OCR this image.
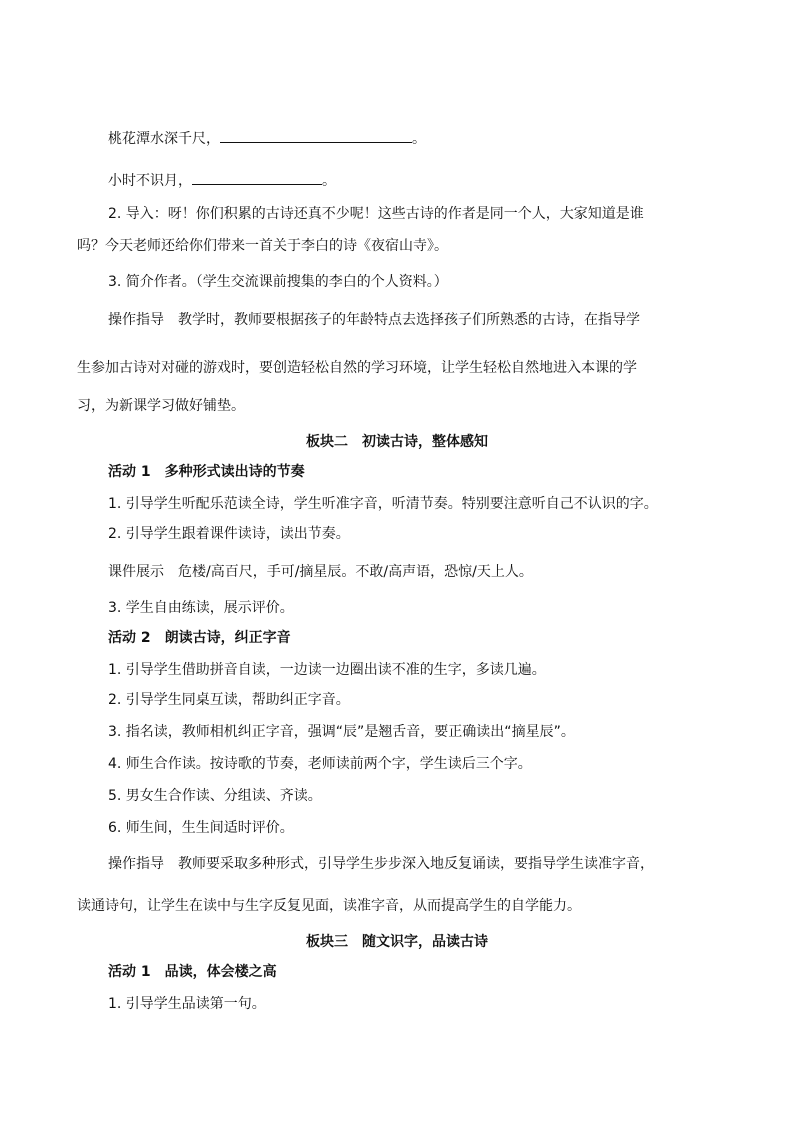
桃花潭水深千尺，	。
小时不识月，	。
2. 导入：呀！你们积累的古诗还真不少呢！这些古诗的作者是同一个人，大家知道是谁
吗？今天老师还给你们带来一首关于李白的诗《夜宿山寺》。
3. 简介作者。（学生交流课前搜集的李白的个人资料。）
操作指导 教学时，教师要根据孩子的年龄特点去选择孩子们所熟悉的古诗，在指导学
生参加古诗对对碰的游戏时，要创造轻松自然的学习环境，让学生轻松自然地进入本课的学
习，为新课学习做好铺垫。
板块二 初读古诗，整体感知
活动 1 多种形式读出诗的节奏
1. 引导学生听配乐范读全诗，学生听准字音，听清节奏。特别要注意听自己不认识的字。
2. 引导学生跟着课件读诗，读出节奏。
课件展示 危楼/高百尺，手可/摘星辰。不敢/高声语，恐惊/天上人。
3. 学生自由练读，展示评价。
活动 2 朗读古诗，纠正字音
1. 引导学生借助拼音自读，一边读一边圈出读不准的生字，多读几遍。
2. 引导学生同桌互读，帮助纠正字音。
3. 指名读，教师相机纠正字音，强调“辰”是翘舌音，要正确读出“摘星辰”。
4. 师生合作读。按诗歌的节奏，老师读前两个字，学生读后三个字。
5. 男女生合作读、分组读、齐读。
6. 师生间，生生间适时评价。
操作指导 教师要采取多种形式，引导学生步步深入地反复诵读，要指导学生读准字音，
读通诗句，让学生在读中与生字反复见面，读准字音，从而提高学生的自学能力。
板块三 随文识字，品读古诗
活动 1 品读，体会楼之高
1. 引导学生品读第一句。
